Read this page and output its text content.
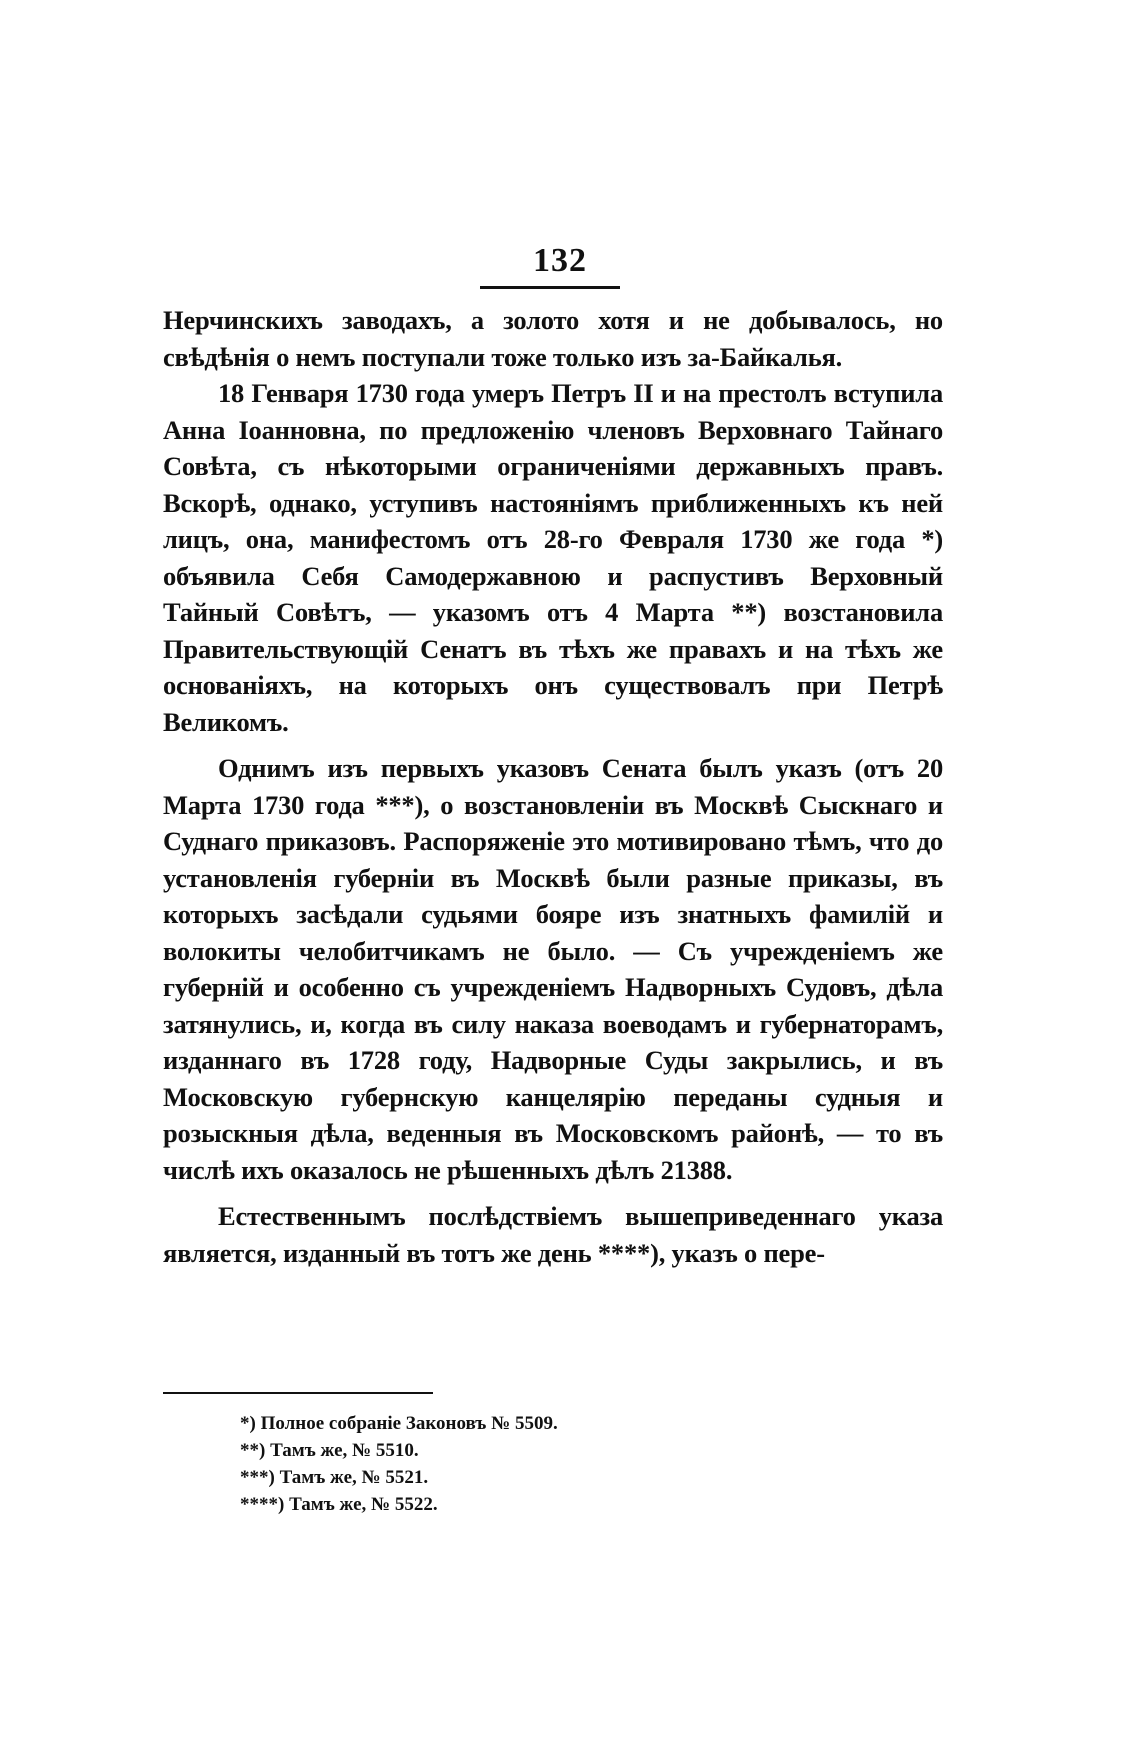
132

Нерчинскихъ заводахъ, а золото хотя и не добывалось, но свѣдѣнія о немъ поступали тоже только изъ за-Байкалья.

18 Генваря 1730 года умеръ Петръ II и на престолъ вступила Анна Іоанновна, по предложенію членовъ Верховнаго Тайнаго Совѣта, съ нѣкоторыми ограниченіями державныхъ правъ. Вскорѣ, однако, уступивъ настояніямъ приближенныхъ къ ней лицъ, она, манифестомъ отъ 28-го Февраля 1730 же года *) объявила Себя Самодержавною и распустивъ Верховный Тайный Совѣтъ, — указомъ отъ 4 Марта **) возстановила Правительствующій Сенатъ въ тѣхъ же правахъ и на тѣхъ же основаніяхъ, на которыхъ онъ существовалъ при Петрѣ Великомъ.

Однимъ изъ первыхъ указовъ Сената былъ указъ (отъ 20 Марта 1730 года ***), о возстановленіи въ Москвѣ Сыскнаго и Суднаго приказовъ. Распоряженіе это мотивировано тѣмъ, что до установленія губерніи въ Москвѣ были разные приказы, въ которыхъ засѣдали судьями бояре изъ знатныхъ фамилій и волокиты челобитчикамъ не было. — Съ учрежденіемъ же губерній и особенно съ учрежденіемъ Надворныхъ Судовъ, дѣла затянулись, и, когда въ силу наказа воеводамъ и губернаторамъ, изданнаго въ 1728 году, Надворные Суды закрылись, и въ Московскую губернскую канцелярію переданы судныя и розыскныя дѣла, веденныя въ Московскомъ районѣ, — то въ числѣ ихъ оказалось не рѣшенныхъ дѣлъ 21388.

Естественнымъ послѣдствіемъ вышеприведеннаго указа является, изданный въ тотъ же день ****), указъ о пере-

*) Полное собраніе Законовъ № 5509.

**) Тамъ же, № 5510.

***) Тамъ же, № 5521.

****) Тамъ же, № 5522.
